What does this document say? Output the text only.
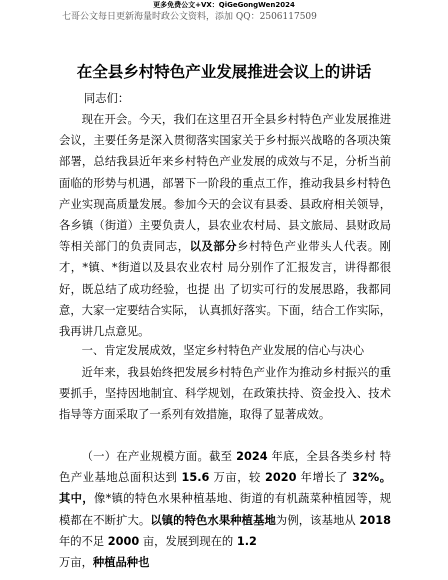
更多免费公文+VX：QiGeGongWen2024
七哥公文每日更新海量时政公文资料，添加 QQ：2506117509
在全县乡村特色产业发展推进会议上的讲话
同志们：

现在开会。今天，我们在这里召开全县乡村特色产业发展推进会议，主要任务是深入贯彻落实国家关于乡村振兴战略的各项决策部署，总结我县近年来乡村特色产业发展的成效与不足，分析当前面临的形势与机遇，部署下一阶段的重点工作，推动我县乡村特色产业实现高质量发展。参加今天的会议有县委、县政府相关领导，各乡镇（街道）主要负责人，县农业农村局、县文旅局、县财政局等相关部门的负责同志，以及部分乡村特色产业带头人代表。刚才，*镇、*街道以及县农业农村 局分别作了汇报发言，讲得都很好，既总结了成功经验，也提 出 了切实可行的发展思路，我都同意，大家一定要结合实际， 认真抓好落实。下面，结合工作实际，我再讲几点意见。

一、肯定发展成效，坚定乡村特色产业发展的信心与决心

近年来，我县始终把发展乡村特色产业作为推动乡村振兴的重要抓手，坚持因地制宜、科学规划，在政策扶持、资金投入、技术指导等方面采取了一系列有效措施，取得了显著成效。

（一）在产业规模方面。截至 2024 年底，全县各类乡村 特色产业基地总面积达到 15.6 万亩，较 2020 年增长了 32%。 其中，像*镇的特色水果种植基地、街道的有机蔬菜种植园等，规模都在不断扩大。以镇的特色水果种植基地为例，该基地从 2018 年的不足 2000 亩，发展到现在的 1.2
万亩，种植品种也
